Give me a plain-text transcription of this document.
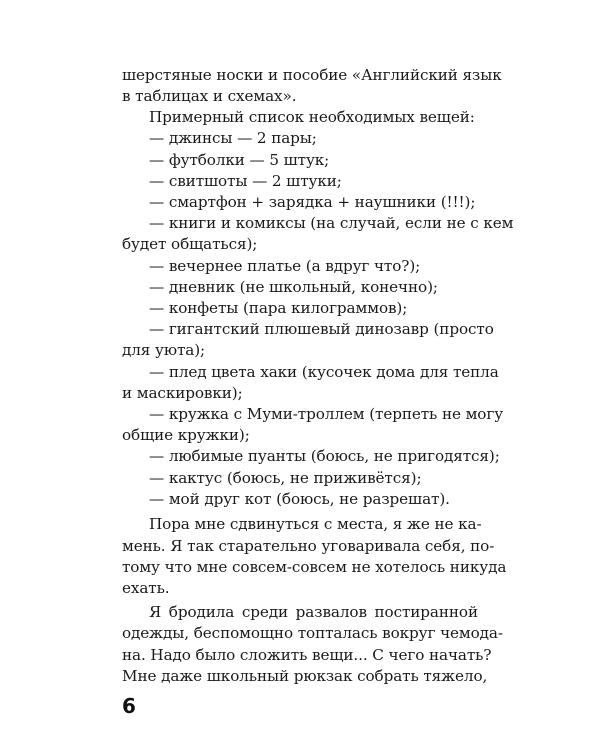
шерстяные носки и пособие «Английский язык
в таблицах и схемах».
Примерный список необходимых вещей:
— джинсы — 2 пары;
— футболки — 5 штук;
— свитшоты — 2 штуки;
— смартфон + зарядка + наушники (!!!);
— книги и комиксы (на случай, если не с кем
будет общаться);
— вечернее платье (а вдруг что?);
— дневник (не школьный, конечно);
— конфеты (пара килограммов);
— гигантский плюшевый динозавр (просто
для уюта);
— плед цвета хаки (кусочек дома для тепла
и маскировки);
— кружка с Муми-троллем (терпеть не могу
общие кружки);
— любимые пуанты (боюсь, не пригодятся);
— кактус (боюсь, не приживётся);
— мой друг кот (боюсь, не разрешат).
Пора мне сдвинуться с места, я же не ка-
мень. Я так старательно уговаривала себя, по-
тому что мне совсем-совсем не хотелось никуда
ехать.
Я бродила среди развалов постиранной
одежды, беспомощно топталась вокруг чемода-
на. Надо было сложить вещи... С чего начать?
Мне даже школьный рюкзак собрать тяжело,
6
